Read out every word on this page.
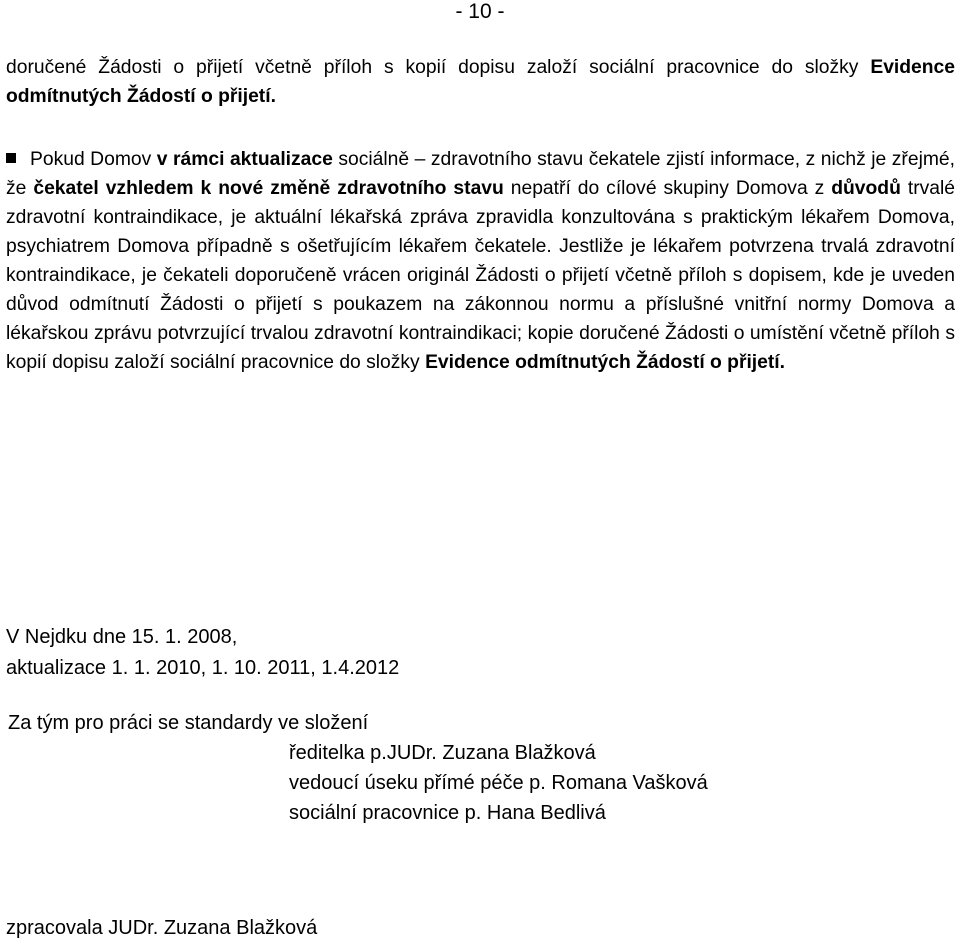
- 10 -

doručené Žádosti o přijetí včetně příloh s kopií dopisu založí sociální pracovnice do složky Evidence odmítnutých Žádostí o přijetí.

Pokud Domov v rámci aktualizace sociálně – zdravotního stavu čekatele zjistí informace, z nichž je zřejmé, že čekatel vzhledem k nové změně zdravotního stavu nepatří do cílové skupiny Domova z důvodů trvalé zdravotní kontraindikace, je aktuální lékařská zpráva zpravidla konzultována s praktickým lékařem Domova, psychiatrem Domova případně s ošetřujícím lékařem čekatele. Jestliže je lékařem potvrzena trvalá zdravotní kontraindikace, je čekateli doporučeně vrácen originál Žádosti o přijetí včetně příloh s dopisem, kde je uveden důvod odmítnutí Žádosti o přijetí s poukazem na zákonnou normu a příslušné vnitřní normy Domova a lékařskou zprávu potvrzující trvalou zdravotní kontraindikaci; kopie doručené Žádosti o umístění včetně příloh s kopií dopisu založí sociální pracovnice do složky Evidence odmítnutých Žádostí o přijetí.

V Nejdku dne 15. 1. 2008,
aktualizace 1. 1. 2010, 1. 10. 2011, 1.4.2012
Za tým pro práci se standardy ve složení
ředitelka p.JUDr. Zuzana Blažková
vedoucí úseku přímé péče p. Romana Vašková
sociální pracovnice p. Hana Bedlivá
zpracovala JUDr. Zuzana Blažková
